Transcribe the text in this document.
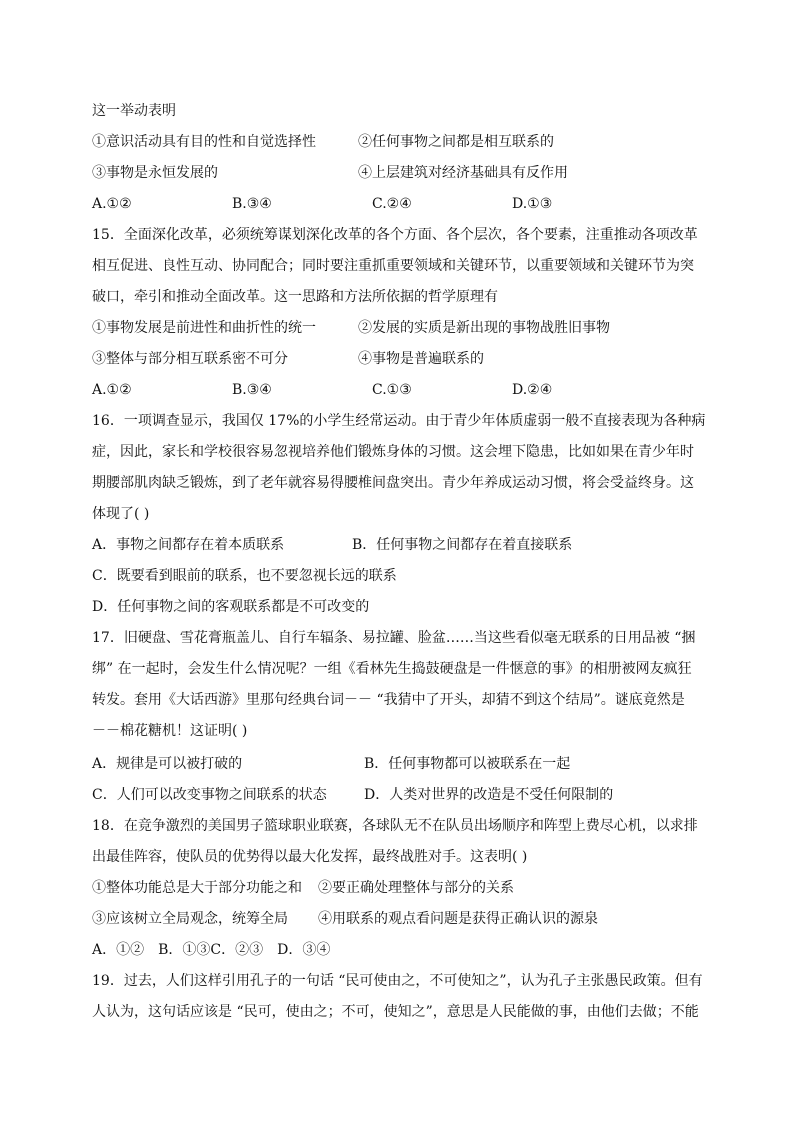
这一举动表明
①意识活动具有目的性和自觉选择性	②任何事物之间都是相互联系的
③事物是永恒发展的	④上层建筑对经济基础具有反作用
A.①②	B.③④	C.②④	D.①③
15．全面深化改革，必须统筹谋划深化改革的各个方面、各个层次，各个要素，注重推动各项改革
相互促进、良性互动、协同配合；同时要注重抓重要领域和关键环节，以重要领域和关键环节为突
破口，牵引和推动全面改革。这一思路和方法所依据的哲学原理有
①事物发展是前进性和曲折性的统一	②发展的实质是新出现的事物战胜旧事物
③整体与部分相互联系密不可分	④事物是普遍联系的
A.①②	B.③④	C.①③	D.②④
16．一项调查显示，我国仅 17%的小学生经常运动。由于青少年体质虚弱一般不直接表现为各种病
症，因此，家长和学校很容易忽视培养他们锻炼身体的习惯。这会埋下隐患，比如如果在青少年时
期腰部肌肉缺乏锻炼，到了老年就容易得腰椎间盘突出。青少年养成运动习惯，将会受益终身。这
体现了( )
A．事物之间都存在着本质联系	B．任何事物之间都存在着直接联系
C．既要看到眼前的联系，也不要忽视长远的联系
D．任何事物之间的客观联系都是不可改变的
17．旧硬盘、雪花膏瓶盖儿、自行车辐条、易拉罐、脸盆……当这些看似毫无联系的日用品被 “捆
绑” 在一起时，会发生什么情况呢？一组《看林先生捣鼓硬盘是一件惬意的事》的相册被网友疯狂
转发。套用《大话西游》里那句经典台词－－ “我猜中了开头，却猜不到这个结局”。谜底竟然是
－－棉花糖机！这证明( )
A．规律是可以被打破的	B．任何事物都可以被联系在一起
C．人们可以改变事物之间联系的状态	D．人类对世界的改造是不受任何限制的
18．在竞争激烈的美国男子篮球职业联赛，各球队无不在队员出场顺序和阵型上费尽心机，以求排
出最佳阵容，使队员的优势得以最大化发挥，最终战胜对手。这表明( )
①整体功能总是大于部分功能之和 ②要正确处理整体与部分的关系
③应该树立全局观念，统筹全局 ④用联系的观点看问题是获得正确认识的源泉
A．①②　B．①③C．②③　D．③④
19．过去，人们这样引用孔子的一句话 “民可使由之，不可使知之”，认为孔子主张愚民政策。但有
人认为，这句话应该是 “民可，使由之；不可，使知之”，意思是人民能做的事，由他们去做；不能
